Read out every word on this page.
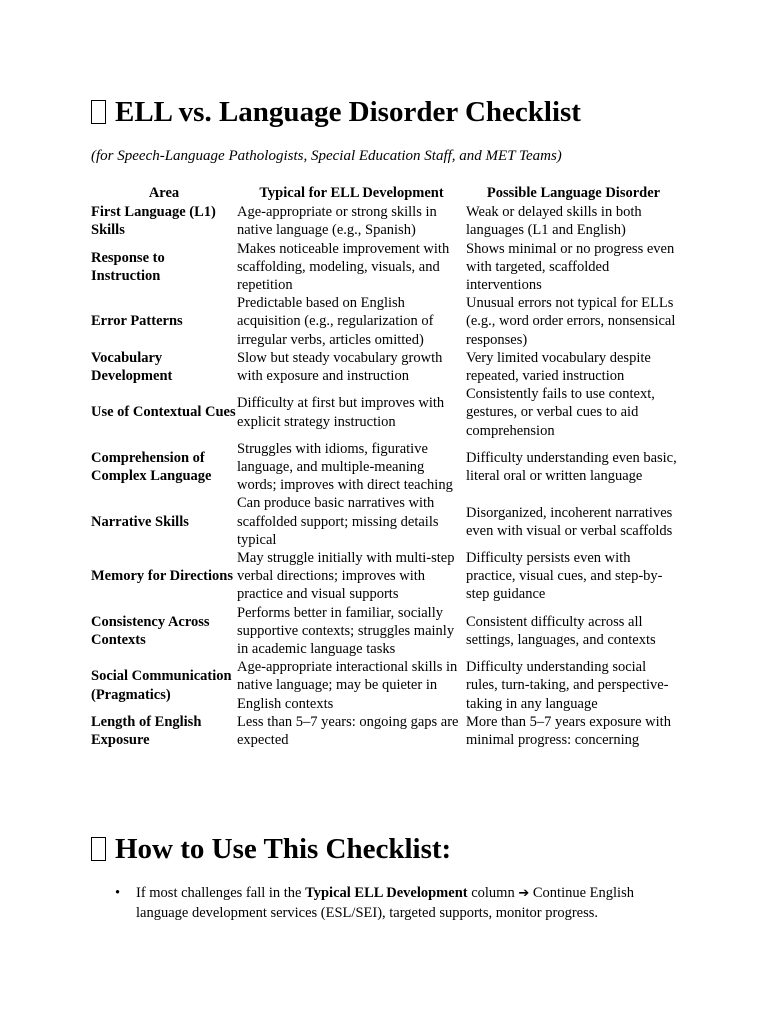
ELL vs. Language Disorder Checklist
(for Speech-Language Pathologists, Special Education Staff, and MET Teams)
Area	Typical for ELL Development	Possible Language Disorder
First Language (L1) Skills	Age-appropriate or strong skills in native language (e.g., Spanish)	Weak or delayed skills in both languages (L1 and English)
Response to Instruction	Makes noticeable improvement with scaffolding, modeling, visuals, and repetition	Shows minimal or no progress even with targeted, scaffolded interventions
Error Patterns	Predictable based on English acquisition (e.g., regularization of irregular verbs, articles omitted)	Unusual errors not typical for ELLs (e.g., word order errors, nonsensical responses)
Vocabulary Development	Slow but steady vocabulary growth with exposure and instruction	Very limited vocabulary despite repeated, varied instruction
Use of Contextual Cues	Difficulty at first but improves with explicit strategy instruction	Consistently fails to use context, gestures, or verbal cues to aid comprehension
Comprehension of Complex Language	Struggles with idioms, figurative language, and multiple-meaning words; improves with direct teaching	Difficulty understanding even basic, literal oral or written language
Narrative Skills	Can produce basic narratives with scaffolded support; missing details typical	Disorganized, incoherent narratives even with visual or verbal scaffolds
Memory for Directions	May struggle initially with multi-step verbal directions; improves with practice and visual supports	Difficulty persists even with practice, visual cues, and step-by-step guidance
Consistency Across Contexts	Performs better in familiar, socially supportive contexts; struggles mainly in academic language tasks	Consistent difficulty across all settings, languages, and contexts
Social Communication (Pragmatics)	Age-appropriate interactional skills in native language; may be quieter in English contexts	Difficulty understanding social rules, turn-taking, and perspective-taking in any language
Length of English Exposure	Less than 5–7 years: ongoing gaps are expected	More than 5–7 years exposure with minimal progress: concerning
How to Use This Checklist:
• If most challenges fall in the Typical ELL Development column ➔ Continue English language development services (ESL/SEI), targeted supports, monitor progress.
